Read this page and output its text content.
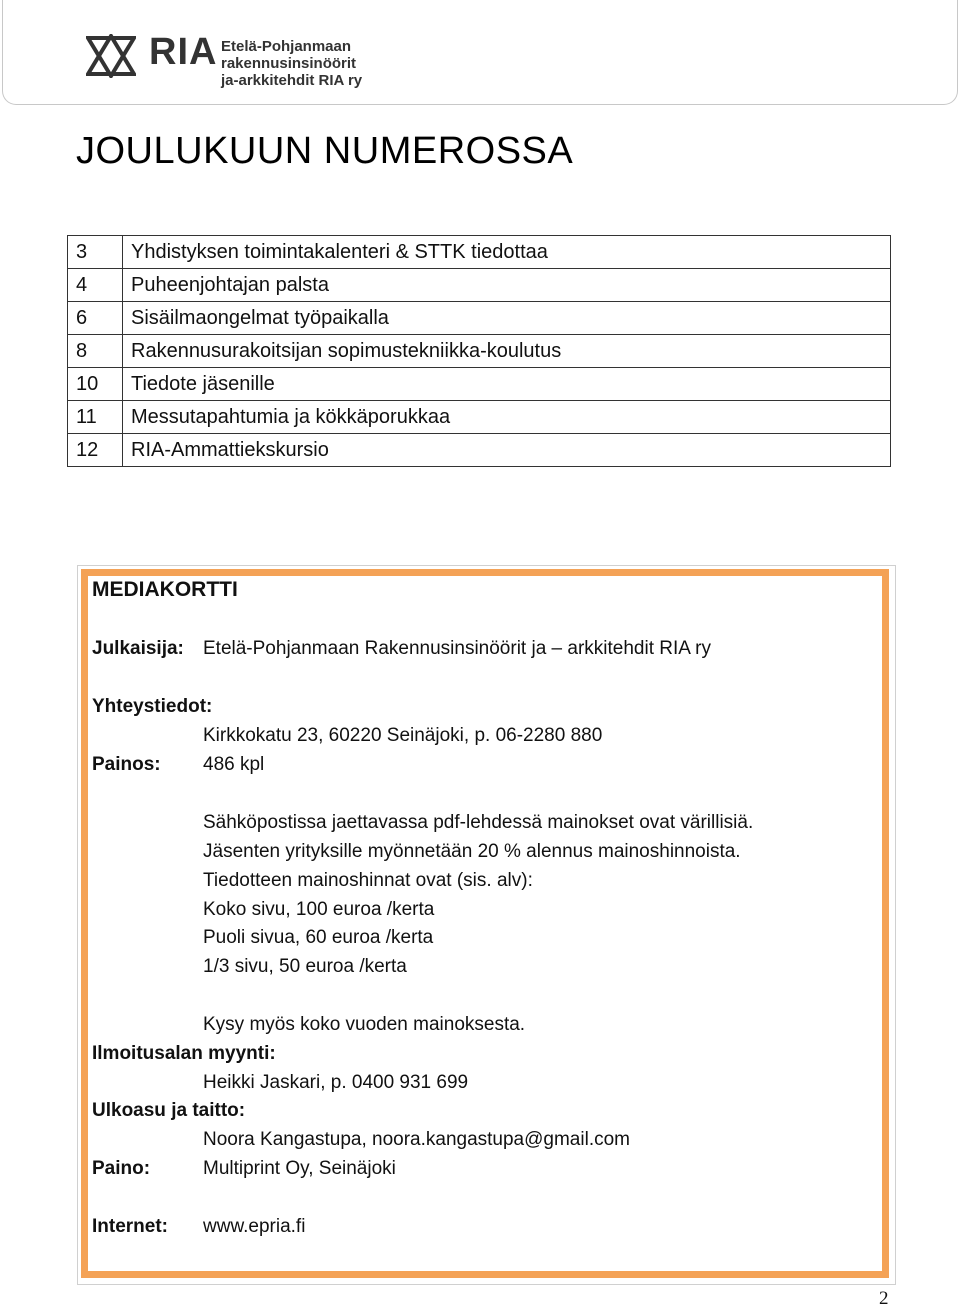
RIA Etelä-Pohjanmaan
rakennusinsinöörit
ja-arkkitehdit RIA ry
JOULUKUUN NUMEROSSA
3	Yhdistyksen toimintakalenteri & STTK tiedottaa
4	Puheenjohtajan palsta
6	Sisäilmaongelmat työpaikalla
8	Rakennusurakoitsijan sopimustekniikka-koulutus
10	Tiedote jäsenille
11	Messutapahtumia ja kökkäporukkaa
12	RIA-Ammattiekskursio
MEDIAKORTTI
Julkaisija: Etelä-Pohjanmaan Rakennusinsinöörit ja – arkkitehdit RIA ry
Yhteystiedot:
Kirkkokatu 23, 60220 Seinäjoki, p. 06-2280 880
Painos: 486 kpl
Sähköpostissa jaettavassa pdf-lehdessä mainokset ovat värillisiä.
Jäsenten yrityksille myönnetään 20 % alennus mainoshinnoista.
Tiedotteen mainoshinnat ovat (sis. alv):
Koko sivu, 100 euroa /kerta
Puoli sivua, 60 euroa /kerta
1/3 sivu, 50 euroa /kerta
Kysy myös koko vuoden mainoksesta.
Ilmoitusalan myynti:
Heikki Jaskari, p. 0400 931 699
Ulkoasu ja taitto:
Noora Kangastupa, noora.kangastupa@gmail.com
Paino:	Multiprint Oy, Seinäjoki
Internet: www.epria.fi
2
